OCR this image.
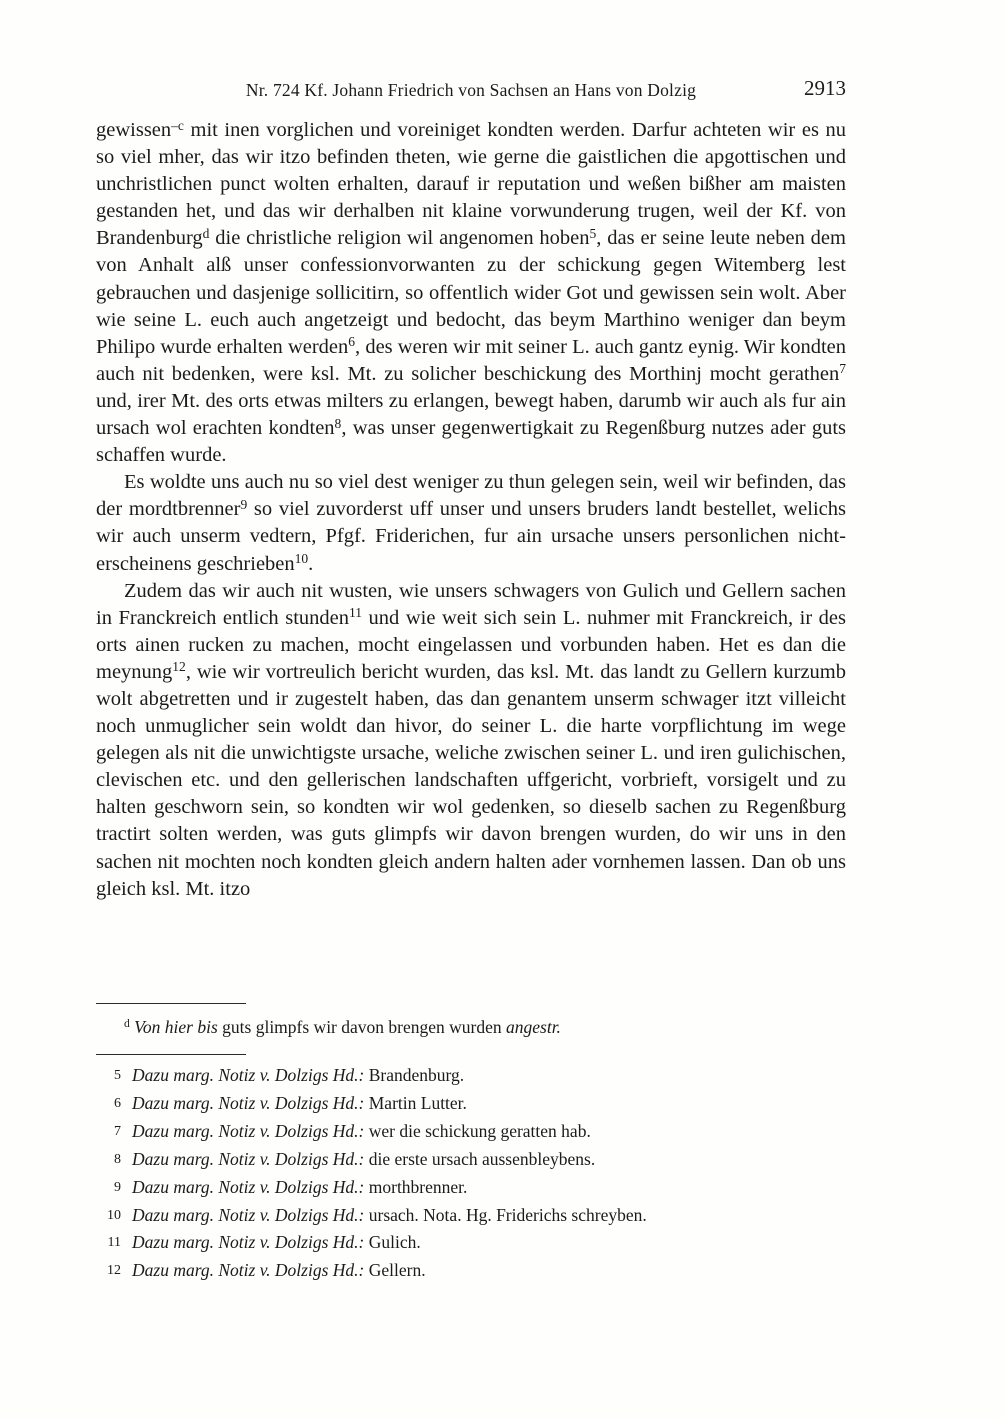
Nr. 724 Kf. Johann Friedrich von Sachsen an Hans von Dolzig	2913

gewissen$^{-c}$ mit inen vorglichen und voreiniget kondten werden. Darfur achteten wir es nu so viel mher, das wir itzo befinden theten, wie gerne die gaistlichen die apgottischen und unchristlichen punct wolten erhalten, darauf ir reputation und weßen bißher am maisten gestanden het, und das wir derhalben nit klaine vorwunderung trugen, weil der Kf. von Brandenburg$^d$ die christliche religion wil angenomen hoben$^5$, das er seine leute neben dem von Anhalt alß unser confessionvorwanten zu der schickung gegen Witemberg lest gebrauchen und dasjenige sollicitirn, so offentlich wider Got und gewissen sein wolt. Aber wie seine L. euch auch angetzeigt und bedocht, das beym Marthino weniger dan beym Philipo wurde erhalten werden$^6$, des weren wir mit seiner L. auch gantz eynig. Wir kondten auch nit bedenken, were ksl. Mt. zu solicher beschickung des Morthinj mocht gerathen$^7$ und, irer Mt. des orts etwas milters zu erlangen, bewegt haben, darumb wir auch als fur ain ursach wol erachten kondten$^8$, was unser gegenwertigkait zu Regenßburg nutzes ader guts schaffen wurde.

Es woldte uns auch nu so viel dest weniger zu thun gelegen sein, weil wir befinden, das der mordtbrenner$^9$ so viel zuvorderst uff unser und unsers bruders landt bestellet, welichs wir auch unserm vedtern, Pfgf. Friderichen, fur ain ursache unsers personlichen nicht-erscheinens geschrieben$^{10}$.

Zudem das wir auch nit wusten, wie unsers schwagers von Gulich und Gellern sachen in Franckreich entlich stunden$^{11}$ und wie weit sich sein L. nuhmer mit Franckreich, ir des orts ainen rucken zu machen, mocht eingelassen und vorbunden haben. Het es dan die meynung$^{12}$, wie wir vortreulich bericht wurden, das ksl. Mt. das landt zu Gellern kurzumb wolt abgetretten und ir zugestelt haben, das dan genantem unserm schwager itzt villeicht noch unmuglicher sein woldt dan hivor, do seiner L. die harte vorpflichtung im wege gelegen als nit die unwichtigste ursache, weliche zwischen seiner L. und iren gulichischen, clevischen etc. und den gellerischen landschaften uffgericht, vorbrieft, vorsigelt und zu halten geschworn sein, so kondten wir wol gedenken, so dieselb sachen zu Regenßburg tractirt solten werden, was guts glimpfs wir davon brengen wurden, do wir uns in den sachen nit mochten noch kondten gleich andern halten ader vornhemen lassen. Dan ob uns gleich ksl. Mt. itzo

$^d$ Von hier bis guts glimpfs wir davon brengen wurden angestr.
5 Dazu marg. Notiz v. Dolzigs Hd.: Brandenburg.
6 Dazu marg. Notiz v. Dolzigs Hd.: Martin Lutter.
7 Dazu marg. Notiz v. Dolzigs Hd.: wer die schickung geratten hab.
8 Dazu marg. Notiz v. Dolzigs Hd.: die erste ursach aussenbleybens.
9 Dazu marg. Notiz v. Dolzigs Hd.: morthbrenner.
10 Dazu marg. Notiz v. Dolzigs Hd.: ursach. Nota. Hg. Friderichs schreyben.
11 Dazu marg. Notiz v. Dolzigs Hd.: Gulich.
12 Dazu marg. Notiz v. Dolzigs Hd.: Gellern.
